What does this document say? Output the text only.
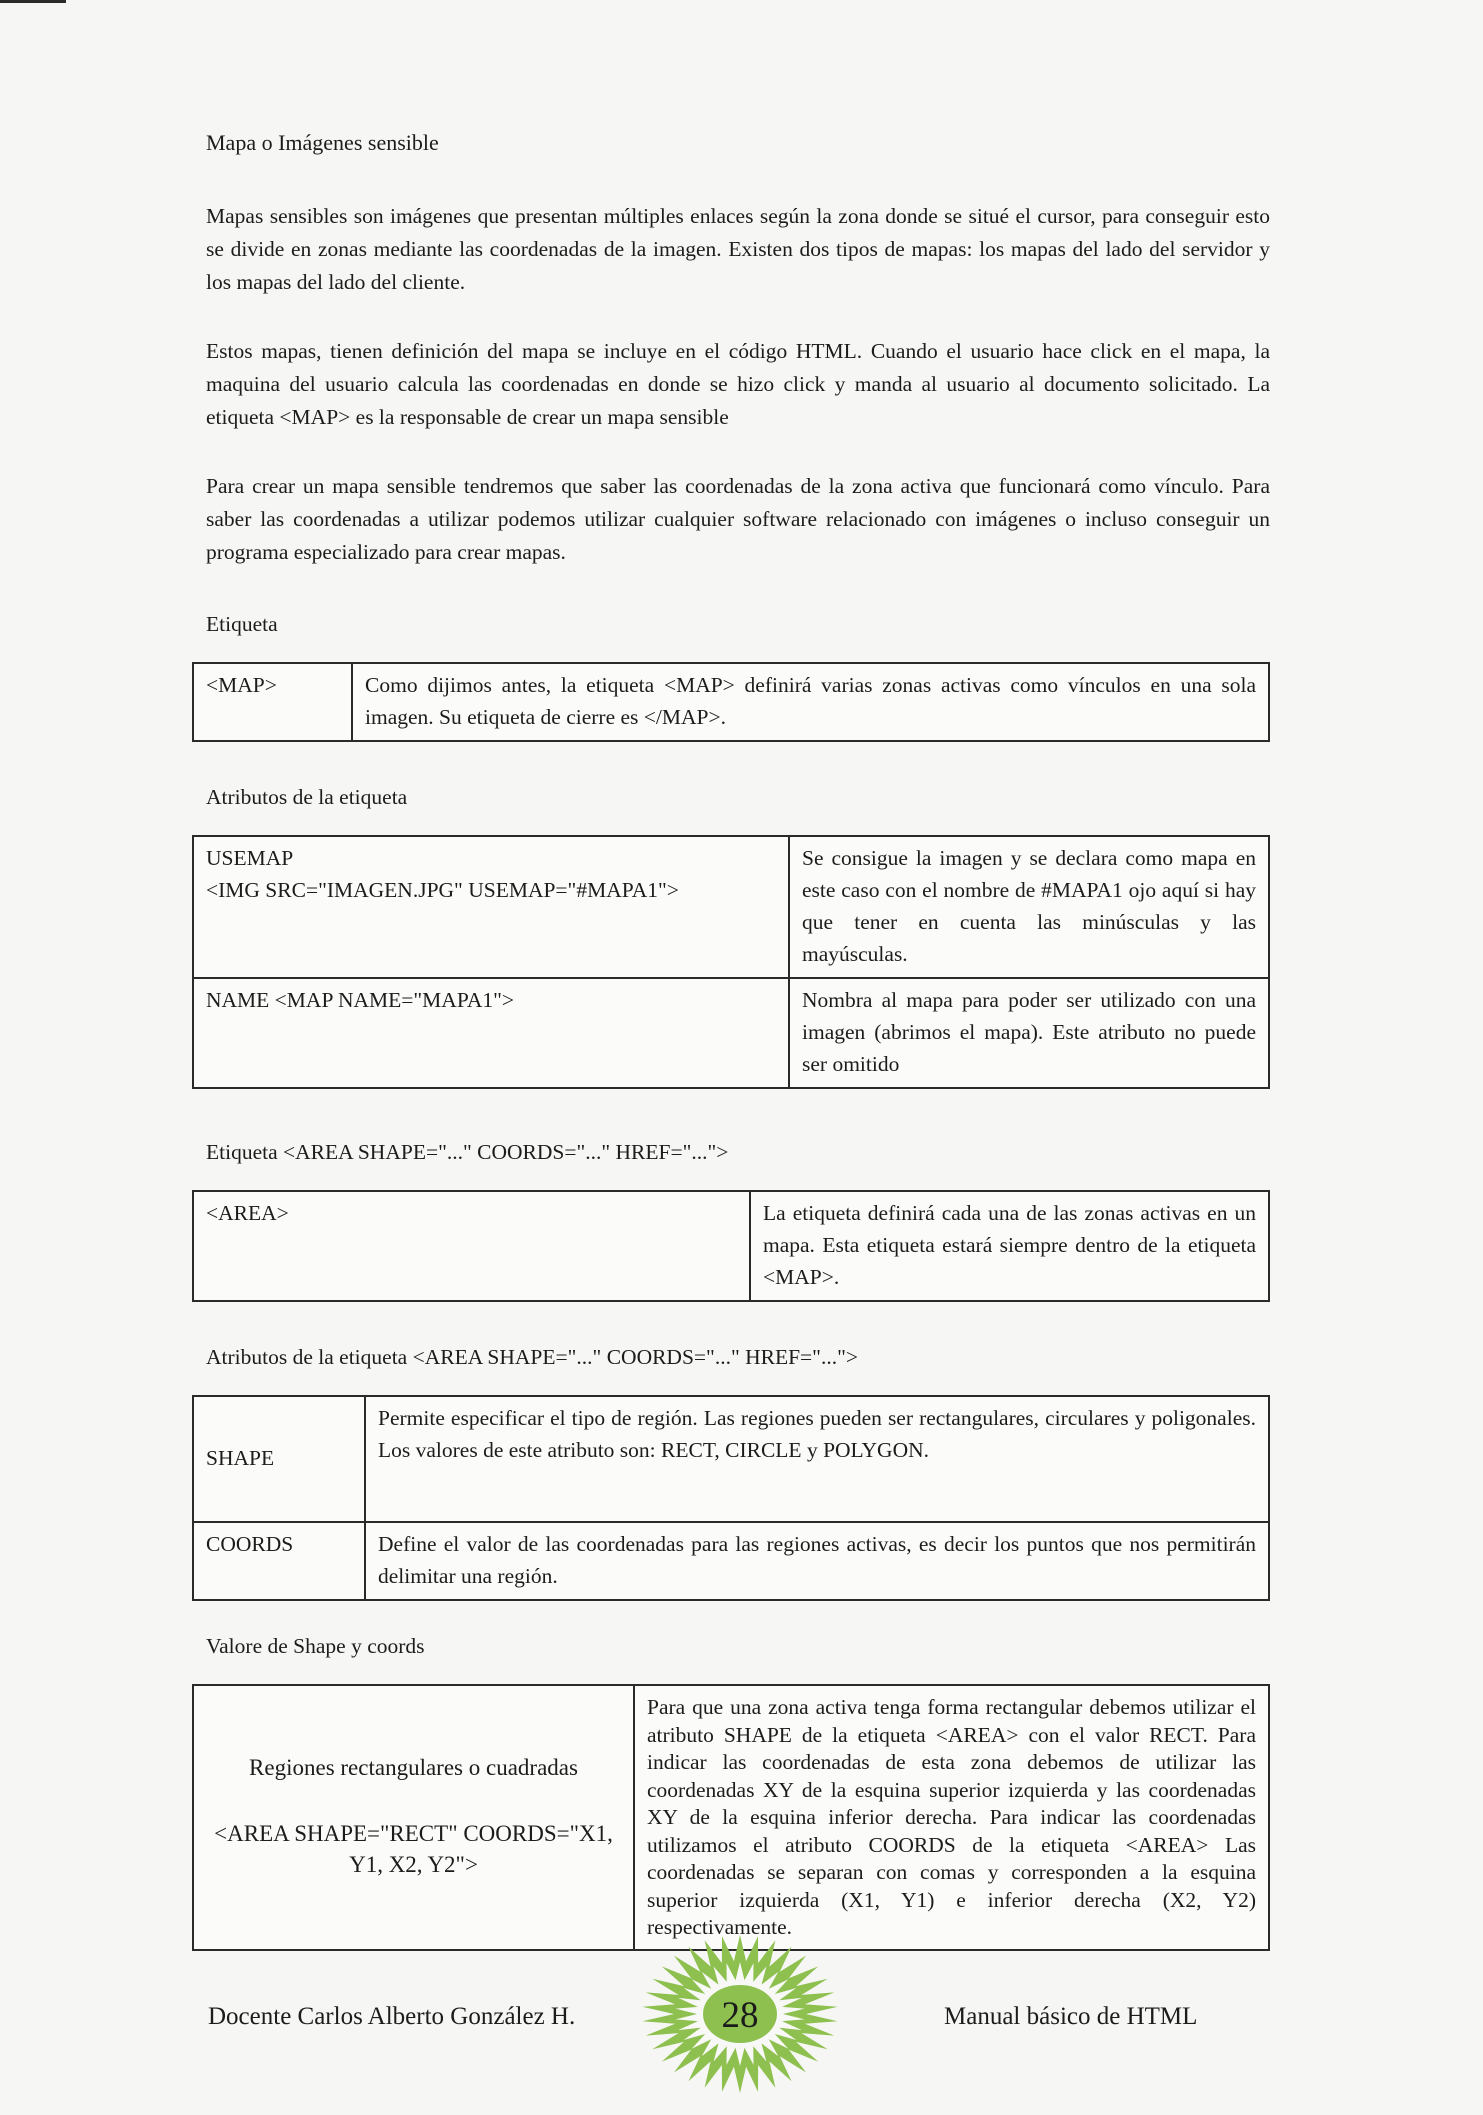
Mapa o Imágenes sensible

Mapas sensibles son imágenes que presentan múltiples enlaces según la zona donde se situé el cursor, para conseguir esto se divide en zonas mediante las coordenadas de la imagen. Existen dos tipos de mapas: los mapas del lado del servidor y los mapas del lado del cliente.

Estos mapas, tienen definición del mapa se incluye en el código HTML. Cuando el usuario hace click en el mapa, la maquina del usuario calcula las coordenadas en donde se hizo click y manda al usuario al documento solicitado. La etiqueta <MAP> es la responsable de crear un mapa sensible

Para crear un mapa sensible tendremos que saber las coordenadas de la zona activa que funcionará como vínculo. Para saber las coordenadas a utilizar podemos utilizar cualquier software relacionado con imágenes o incluso conseguir un programa especializado para crear mapas.

Etiqueta
<MAP>	Como dijimos antes, la etiqueta <MAP> definirá varias zonas activas como vínculos en una sola imagen. Su etiqueta de cierre es </MAP>.
Atributos de la etiqueta
USEMAP
<IMG SRC="IMAGEN.JPG" USEMAP="#MAPA1">	Se consigue la imagen y se declara como mapa en este caso con el nombre de #MAPA1 ojo aquí si hay que tener en cuenta las minúsculas y las mayúsculas.
NAME <MAP NAME="MAPA1">	Nombra al mapa para poder ser utilizado con una imagen (abrimos el mapa). Este atributo no puede ser omitido
Etiqueta <AREA SHAPE="..." COORDS="..." HREF="...">
<AREA>	La etiqueta definirá cada una de las zonas activas en un mapa. Esta etiqueta estará siempre dentro de la etiqueta <MAP>.
Atributos de la etiqueta <AREA SHAPE="..." COORDS="..." HREF="...">
SHAPE	Permite especificar el tipo de región. Las regiones pueden ser rectangulares, circulares y poligonales. Los valores de este atributo son: RECT, CIRCLE y POLYGON.
COORDS	Define el valor de las coordenadas para las regiones activas, es decir los puntos que nos permitirán delimitar una región.
Valore de Shape y coords
Regiones rectangulares o cuadradas
<AREA SHAPE="RECT" COORDS="X1, Y1, X2, Y2">
	Para que una zona activa tenga forma rectangular debemos utilizar el atributo SHAPE de la etiqueta <AREA> con el valor RECT. Para indicar las coordenadas de esta zona debemos de utilizar las coordenadas XY de la esquina superior izquierda y las coordenadas XY de la esquina inferior derecha. Para indicar las coordenadas utilizamos el atributo COORDS de la etiqueta <AREA> Las coordenadas se separan con comas y corresponden a la esquina superior izquierda (X1, Y1) e inferior derecha (X2, Y2) respectivamente.
Docente Carlos Alberto González H.	28	Manual básico de HTML
